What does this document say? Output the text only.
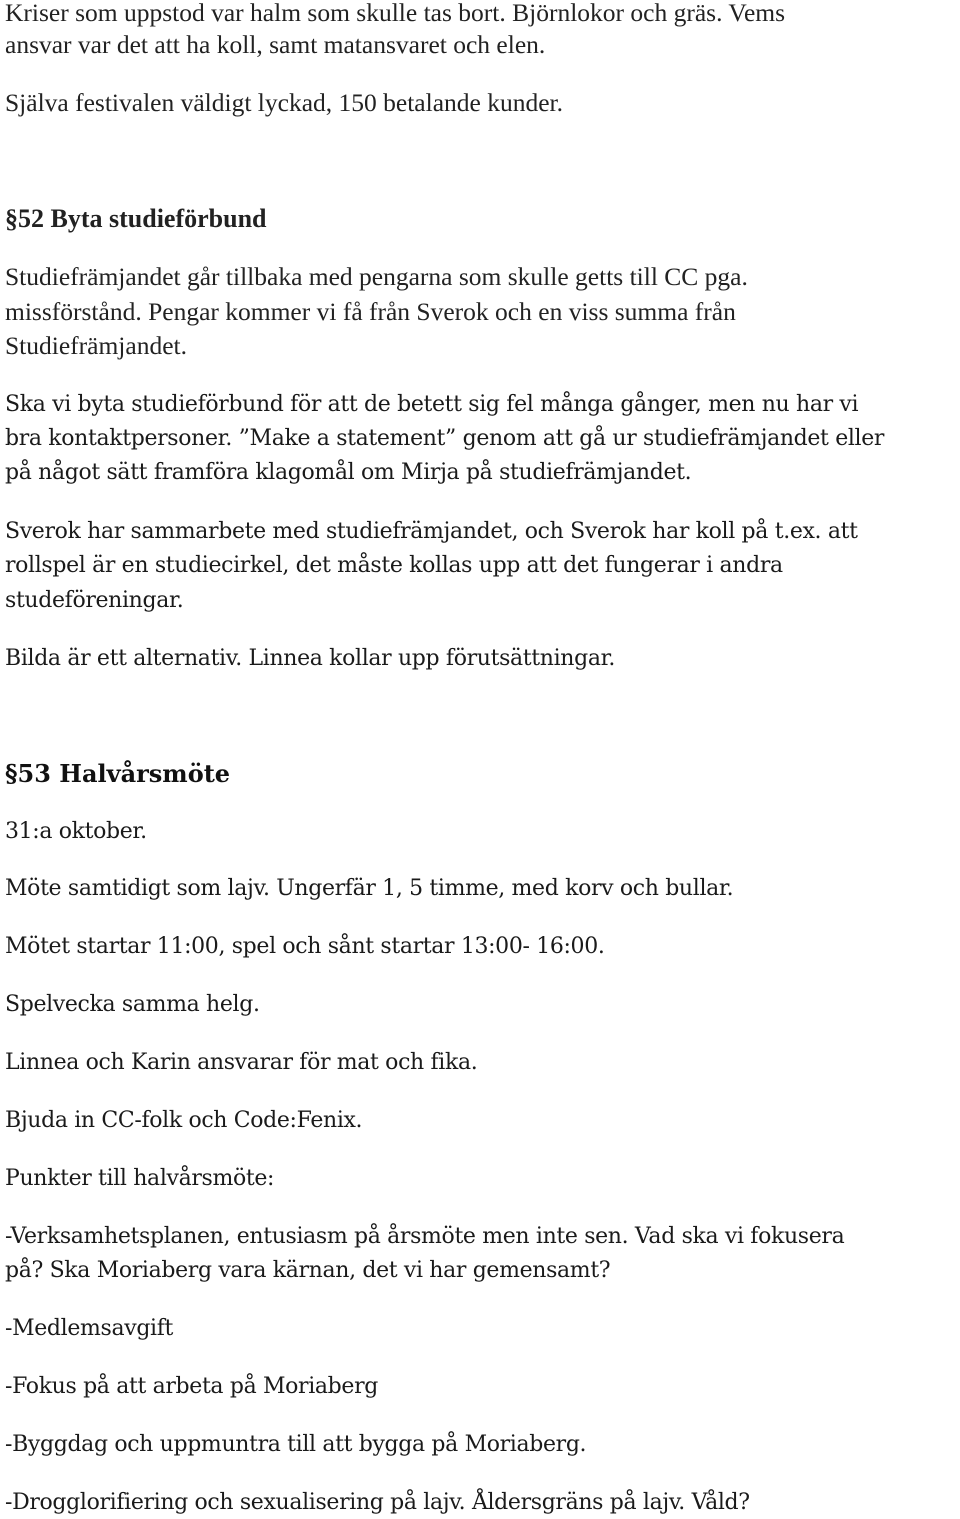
Kriser som uppstod var halm som skulle tas bort. Björnlokor och gräs. Vems

ansvar var det att ha koll, samt matansvaret och elen.

Själva festivalen väldigt lyckad, 150 betalande kunder.

§52 Byta studieförbund

Studiefrämjandet går tillbaka med pengarna som skulle getts till CC pga.

missförstånd. Pengar kommer vi få från Sverok och en viss summa från

Studiefrämjandet.

Ska vi byta studieförbund för att de betett sig fel många gånger, men nu har vi

bra kontaktpersoner. ”Make a statement” genom att gå ur studiefrämjandet eller

på något sätt framföra klagomål om Mirja på studiefrämjandet.

Sverok har sammarbete med studiefrämjandet, och Sverok har koll på t.ex. att

rollspel är en studiecirkel, det måste kollas upp att det fungerar i andra

studeföreningar.

Bilda är ett alternativ. Linnea kollar upp förutsättningar.

§53 Halvårsmöte

31:a oktober.

Möte samtidigt som lajv. Ungerfär 1, 5 timme, med korv och bullar.

Mötet startar 11:00, spel och sånt startar 13:00- 16:00.

Spelvecka samma helg.

Linnea och Karin ansvarar för mat och fika.

Bjuda in CC-folk och Code:Fenix.

Punkter till halvårsmöte:

-Verksamhetsplanen, entusiasm på årsmöte men inte sen. Vad ska vi fokusera

på? Ska Moriaberg vara kärnan, det vi har gemensamt?

-Medlemsavgift

-Fokus på att arbeta på Moriaberg

-Byggdag och uppmuntra till att bygga på Moriaberg.

-Drogglorifiering och sexualisering på lajv. Åldersgräns på lajv. Våld?
